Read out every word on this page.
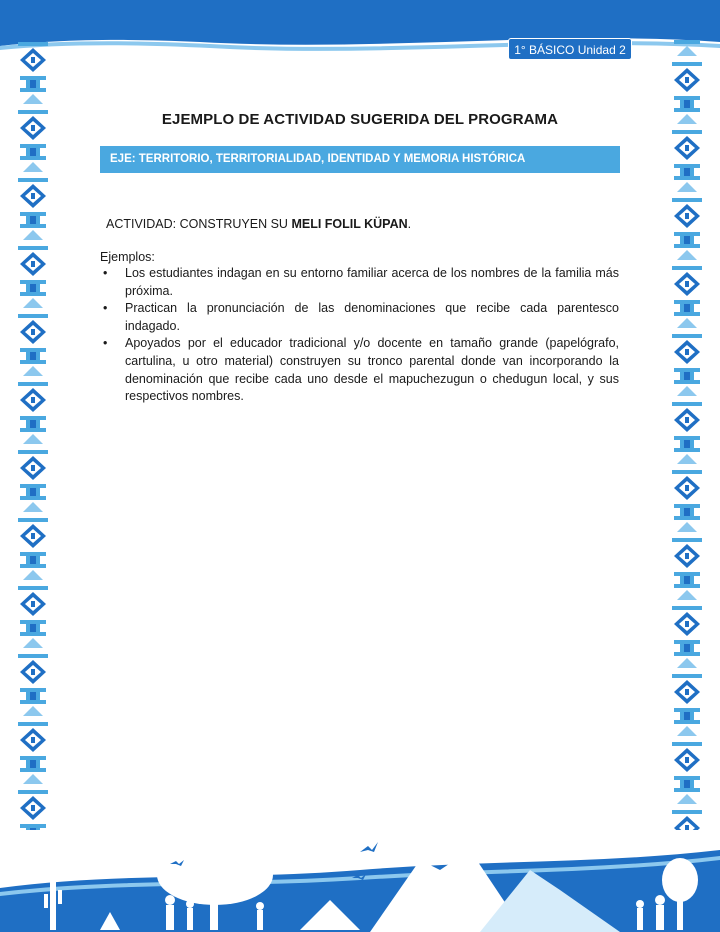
1° BÁSICO Unidad 2
EJEMPLO DE ACTIVIDAD SUGERIDA DEL PROGRAMA
EJE: TERRITORIO, TERRITORIALIDAD, IDENTIDAD Y MEMORIA HISTÓRICA
ACTIVIDAD: CONSTRUYEN SU MELI FOLIL KÜPAN.
Ejemplos:
• Los estudiantes indagan en su entorno familiar acerca de los nombres de la familia más próxima.
• Practican la pronunciación de las denominaciones que recibe cada parentesco indagado.
• Apoyados por el educador tradicional y/o docente en tamaño grande (papelógrafo, cartulina, u otro material) construyen su tronco parental donde van incorporando la denominación que recibe cada uno desde el mapuchezugun o chedugun local, y sus respectivos nombres.
